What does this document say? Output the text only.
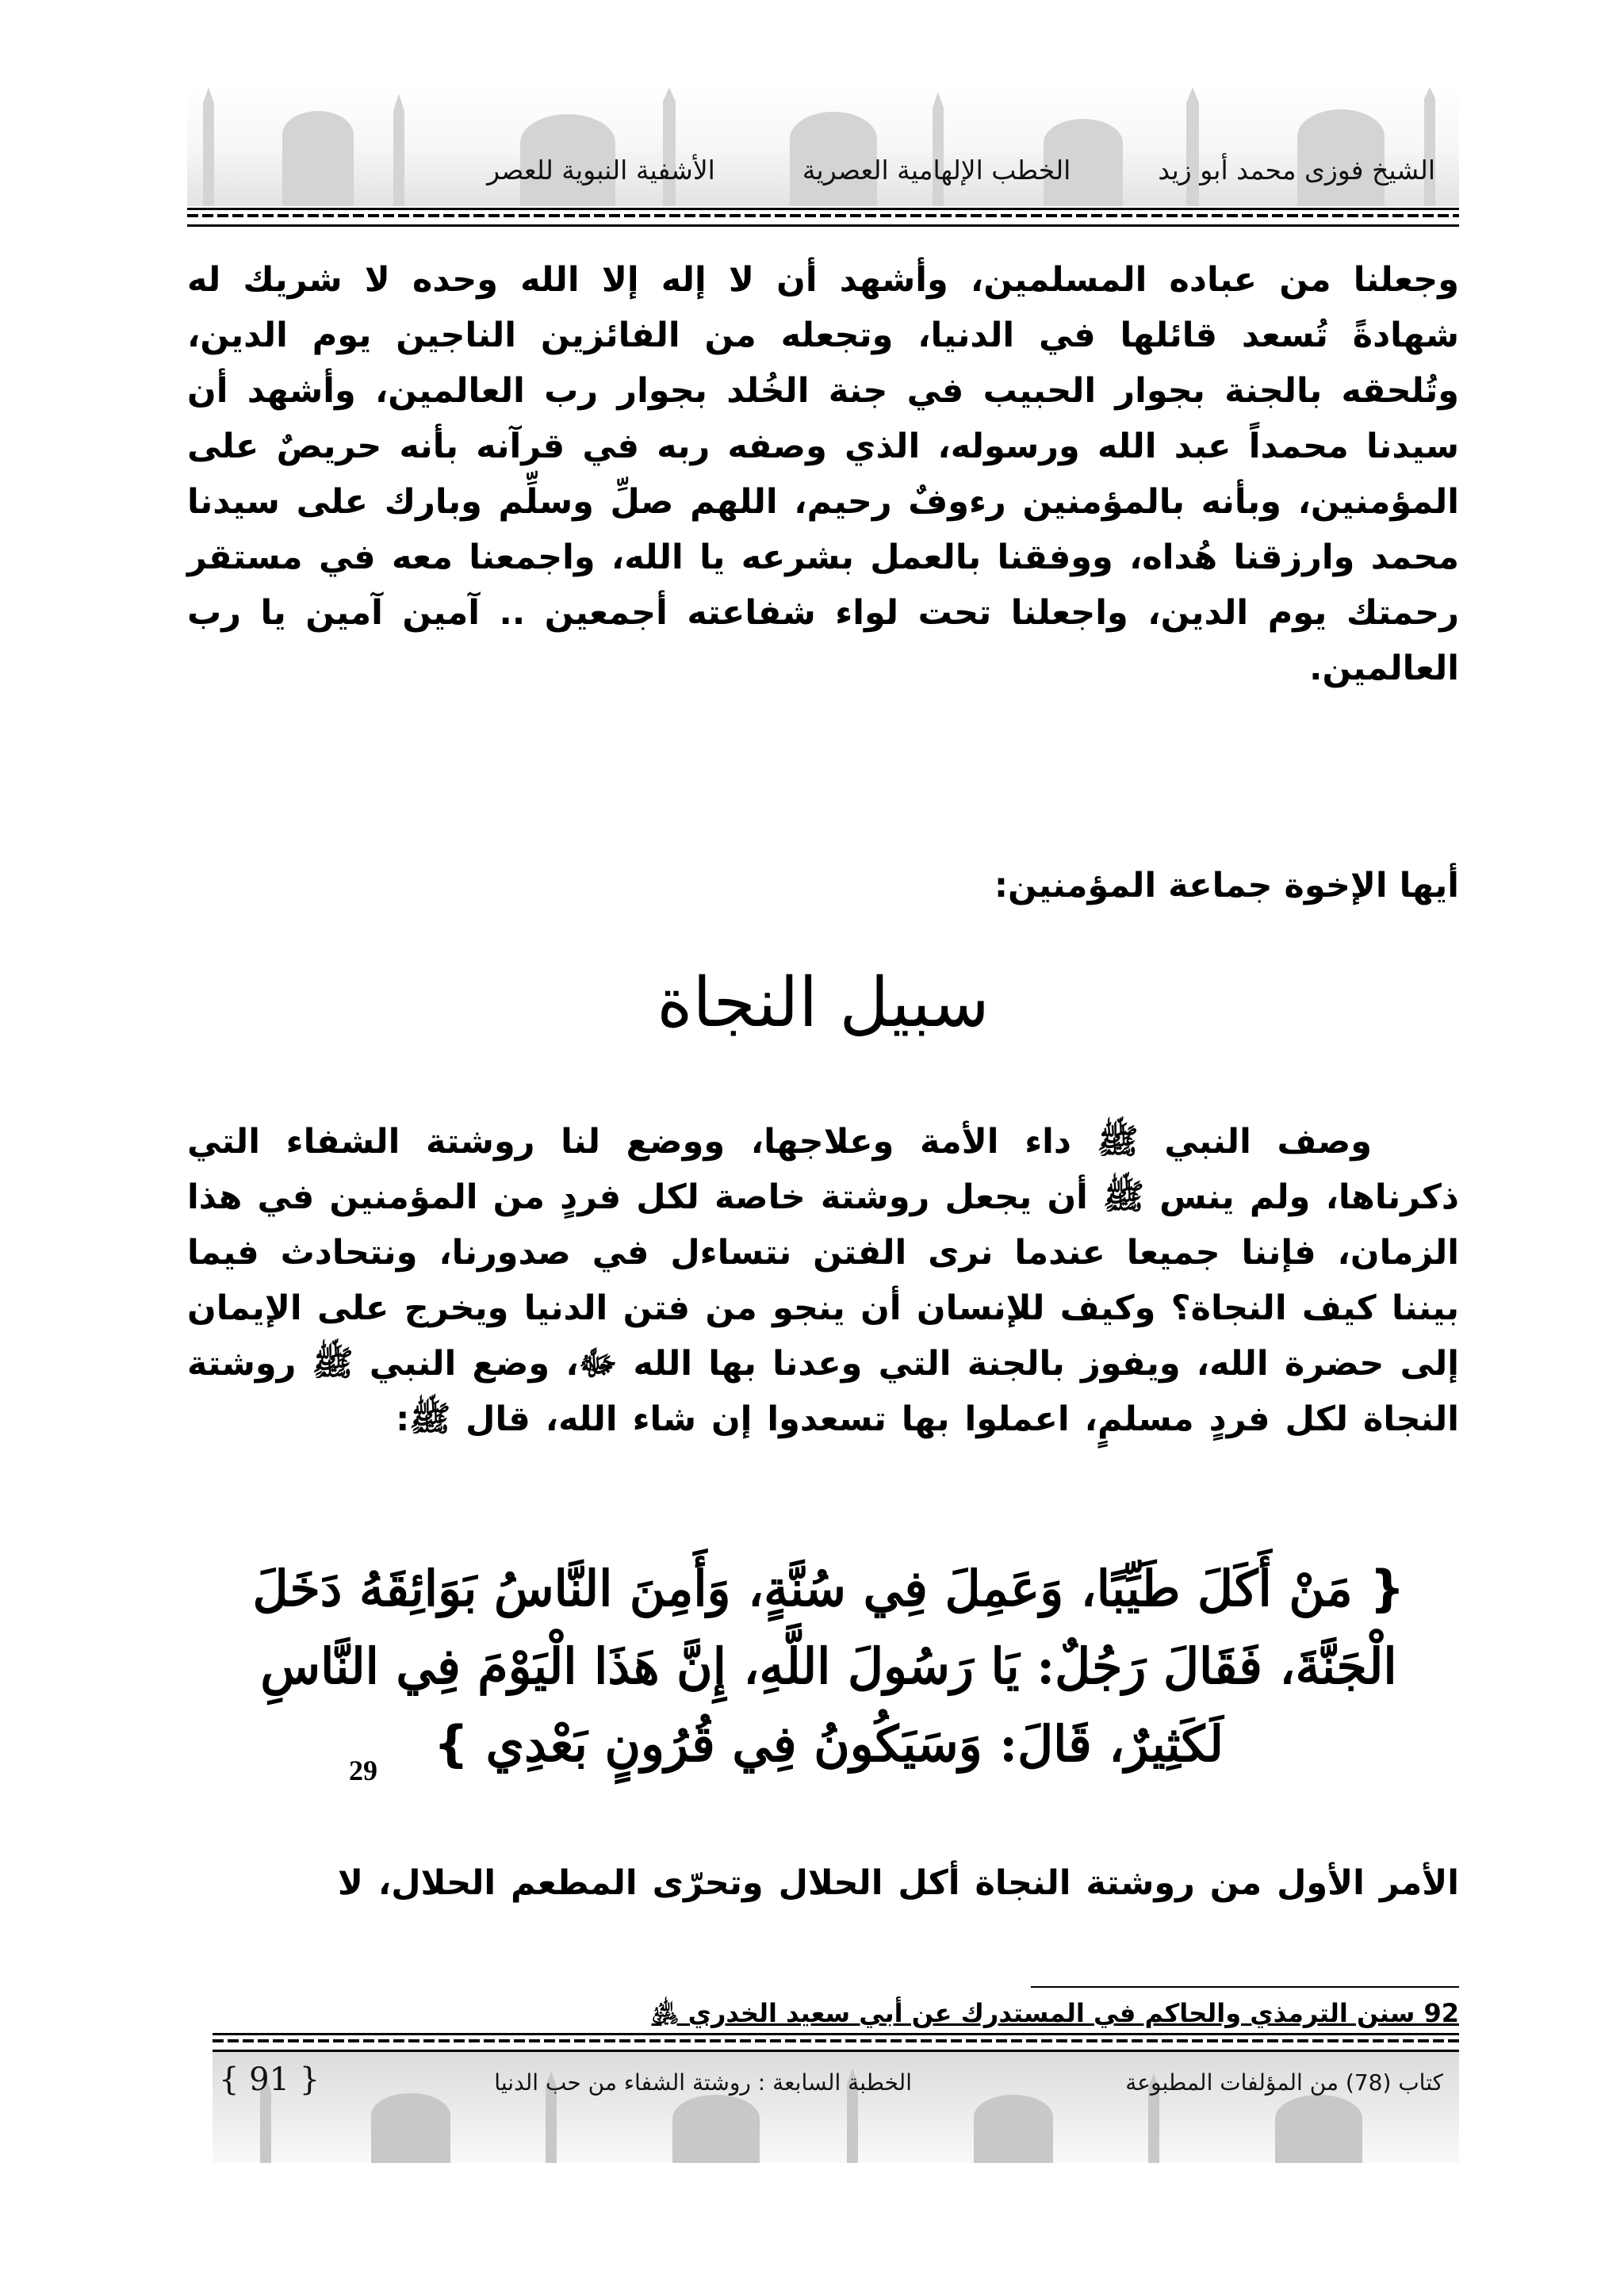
الشيخ فوزى محمد أبو زيد
الخطب الإلهامية العصرية
الأشفية النبوية للعصر
وجعلنا من عباده المسلمين، وأشهد أن لا إله إلا الله وحده لا شريك له شهادةً تُسعد قائلها في الدنيا، وتجعله من الفائزين الناجين يوم الدين، وتُلحقه بالجنة بجوار الحبيب في جنة الخُلد بجوار رب العالمين، وأشهد أن سيدنا محمداً عبد الله ورسوله، الذي وصفه ربه في قرآنه بأنه حريصٌ على المؤمنين، وبأنه بالمؤمنين رءوفٌ رحيم، اللهم صلِّ وسلِّم وبارك على سيدنا محمد وارزقنا هُداه، ووفقنا بالعمل بشرعه يا الله، واجمعنا معه في مستقر رحمتك يوم الدين، واجعلنا تحت لواء شفاعته أجمعين .. آمين آمين يا رب العالمين.
أيها الإخوة جماعة المؤمنين:
سبيل النجاة
وصف النبي ﷺ داء الأمة وعلاجها، ووضع لنا روشتة الشفاء التي ذكرناها، ولم ينس ﷺ أن يجعل روشتة خاصة لكل فردٍ من المؤمنين في هذا الزمان، فإننا جميعا عندما نرى الفتن نتساءل في صدورنا، ونتحادث فيما بيننا كيف النجاة؟ وكيف للإنسان أن ينجو من فتن الدنيا ويخرج على الإيمان إلى حضرة الله، ويفوز بالجنة التي وعدنا بها الله ﷻ، وضع النبي ﷺ روشتة النجاة لكل فردٍ مسلمٍ، اعملوا بها تسعدوا إن شاء الله، قال ﷺ:
{ مَنْ أَكَلَ طَيِّبًا، وَعَمِلَ فِي سُنَّةٍ، وَأَمِنَ النَّاسُ بَوَائِقَهُ دَخَلَ الْجَنَّةَ، فَقَالَ رَجُلٌ: يَا رَسُولَ اللَّهِ، إِنَّ هَذَا الْيَوْمَ فِي النَّاسِ لَكَثِيرٌ، قَالَ: وَسَيَكُونُ فِي قُرُونٍ بَعْدِي }
29
الأمر الأول من روشتة النجاة أكل الحلال وتحرّى المطعم الحلال، لا
92 سنن الترمذي والحاكم في المستدرك عن أبي سعيد الخدري ﵁
كتاب (78) من المؤلفات المطبوعة
الخطبة السابعة : روشتة الشفاء من حب الدنيا
{ 91 }
